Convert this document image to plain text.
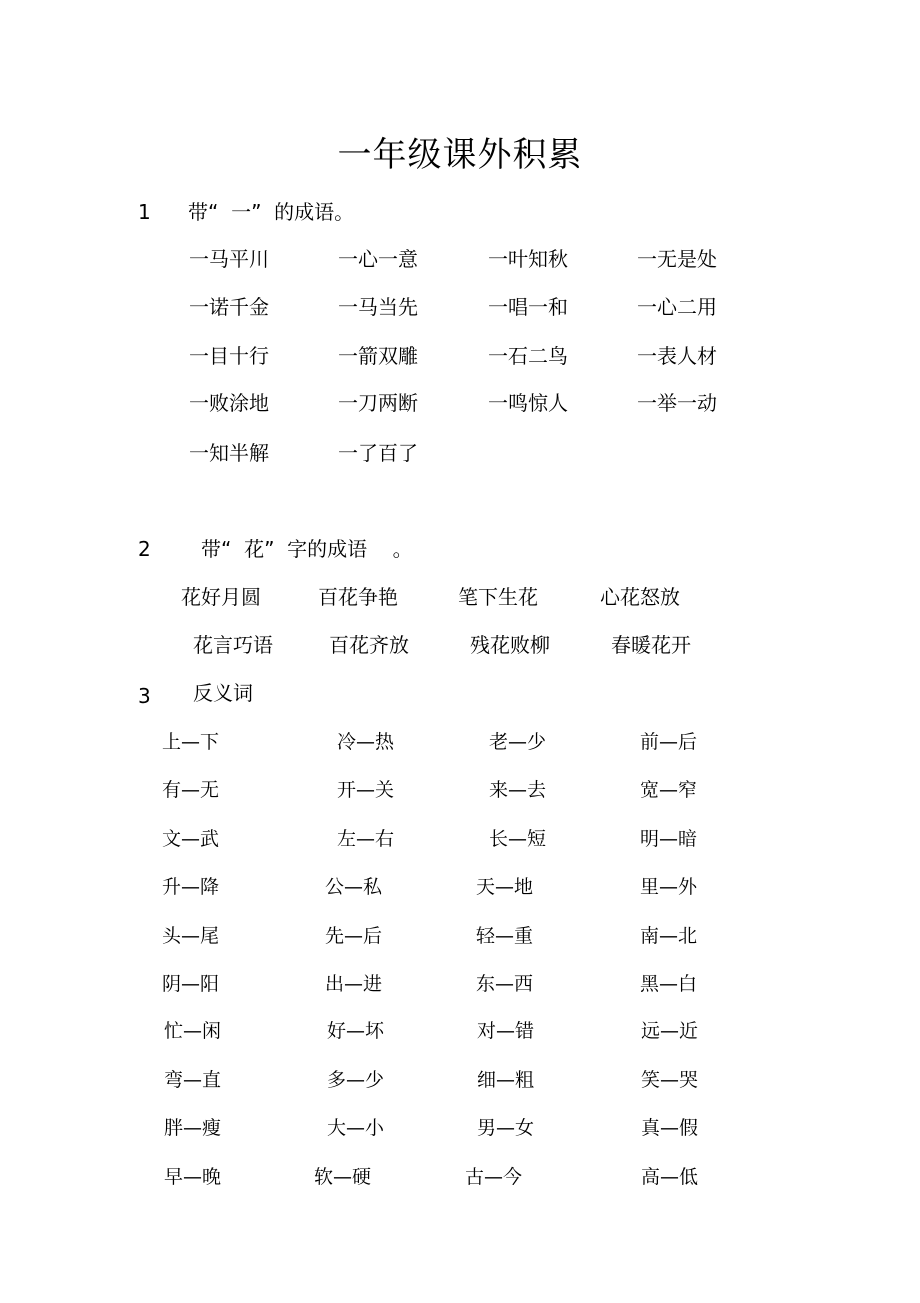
一年级课外积累
1 带“  一”  的成语。
一马平川	一心一意	一叶知秋	一无是处
一诺千金	一马当先	一唱一和	一心二用
一目十行	一箭双雕	一石二鸟	一表人材
一败涂地	一刀两断	一鸣惊人	一举一动
一知半解	一了百了
2	带“  花”  字的成语    。
花好月圆	百花争艳	笔下生花	心花怒放
花言巧语	百花齐放	残花败柳	春暖花开
3 反义词
上—下	冷—热	老—少	前—后
有—无	开—关	来—去	宽—窄
文—武	左—右	长—短	明—暗
升—降	公—私	天—地	里—外
头—尾	先—后	轻—重	南—北
阴—阳	出—进	东—西	黑—白
忙—闲	好—坏	对—错	远—近
弯—直	多—少	细—粗	笑—哭
胖—瘦	大—小	男—女	真—假
早—晚	软—硬	古—今	高—低
